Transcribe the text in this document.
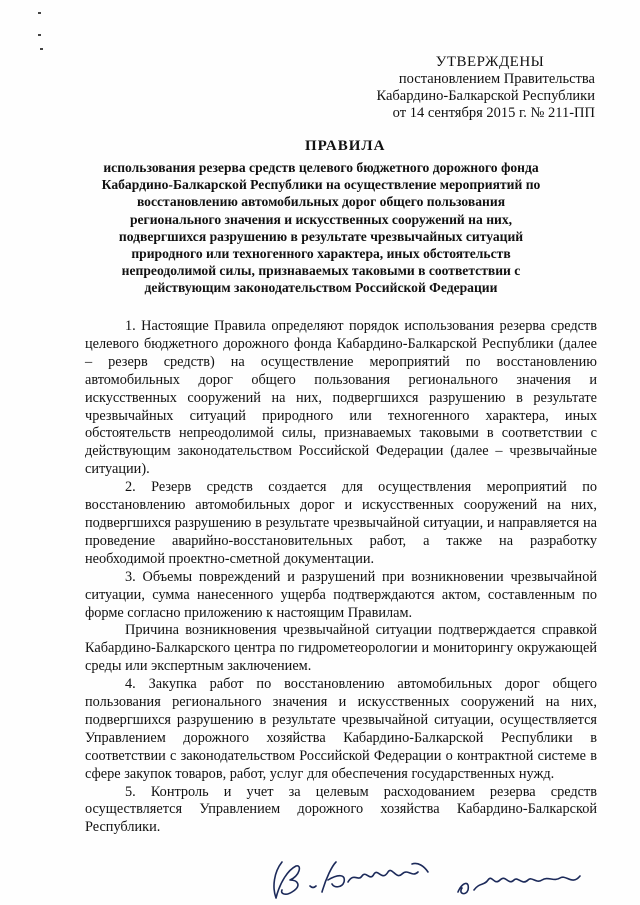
УТВЕРЖДЕНЫ
постановлением Правительства
Кабардино-Балкарской Республики
от 14 сентября 2015 г. № 211-ПП
ПРАВИЛА
использования резерва средств целевого бюджетного дорожного фонда Кабардино-Балкарской Республики на осуществление мероприятий по восстановлению автомобильных дорог общего пользования регионального значения и искусственных сооружений на них, подвергшихся разрушению в результате чрезвычайных ситуаций природного или техногенного характера, иных обстоятельств непреодолимой силы, признаваемых таковыми в соответствии с действующим законодательством Российской Федерации

1. Настоящие Правила определяют порядок использования резерва средств целевого бюджетного дорожного фонда Кабардино-Балкарской Республики (далее – резерв средств) на осуществление мероприятий по восстановлению автомобильных дорог общего пользования регионального значения и искусственных сооружений на них, подвергшихся разрушению в результате чрезвычайных ситуаций природного или техногенного характера, иных обстоятельств непреодолимой силы, признаваемых таковыми в соответствии с действующим законодательством Российской Федерации (далее – чрезвычайные ситуации).

2. Резерв средств создается для осуществления мероприятий по восстановлению автомобильных дорог и искусственных сооружений на них, подвергшихся разрушению в результате чрезвычайной ситуации, и направляется на проведение аварийно-восстановительных работ, а также на разработку необходимой проектно-сметной документации.

3. Объемы повреждений и разрушений при возникновении чрезвычайной ситуации, сумма нанесенного ущерба подтверждаются актом, составленным по форме согласно приложению к настоящим Правилам.

Причина возникновения чрезвычайной ситуации подтверждается справкой Кабардино-Балкарского центра по гидрометеорологии и мониторингу окружающей среды или экспертным заключением.

4. Закупка работ по восстановлению автомобильных дорог общего пользования регионального значения и искусственных сооружений на них, подвергшихся разрушению в результате чрезвычайной ситуации, осуществляется Управлением дорожного хозяйства Кабардино-Балкарской Республики в соответствии с законодательством Российской Федерации о контрактной системе в сфере закупок товаров, работ, услуг для обеспечения государственных нужд.

5. Контроль и учет за целевым расходованием резерва средств осуществляется Управлением дорожного хозяйства Кабардино-Балкарской Республики.
